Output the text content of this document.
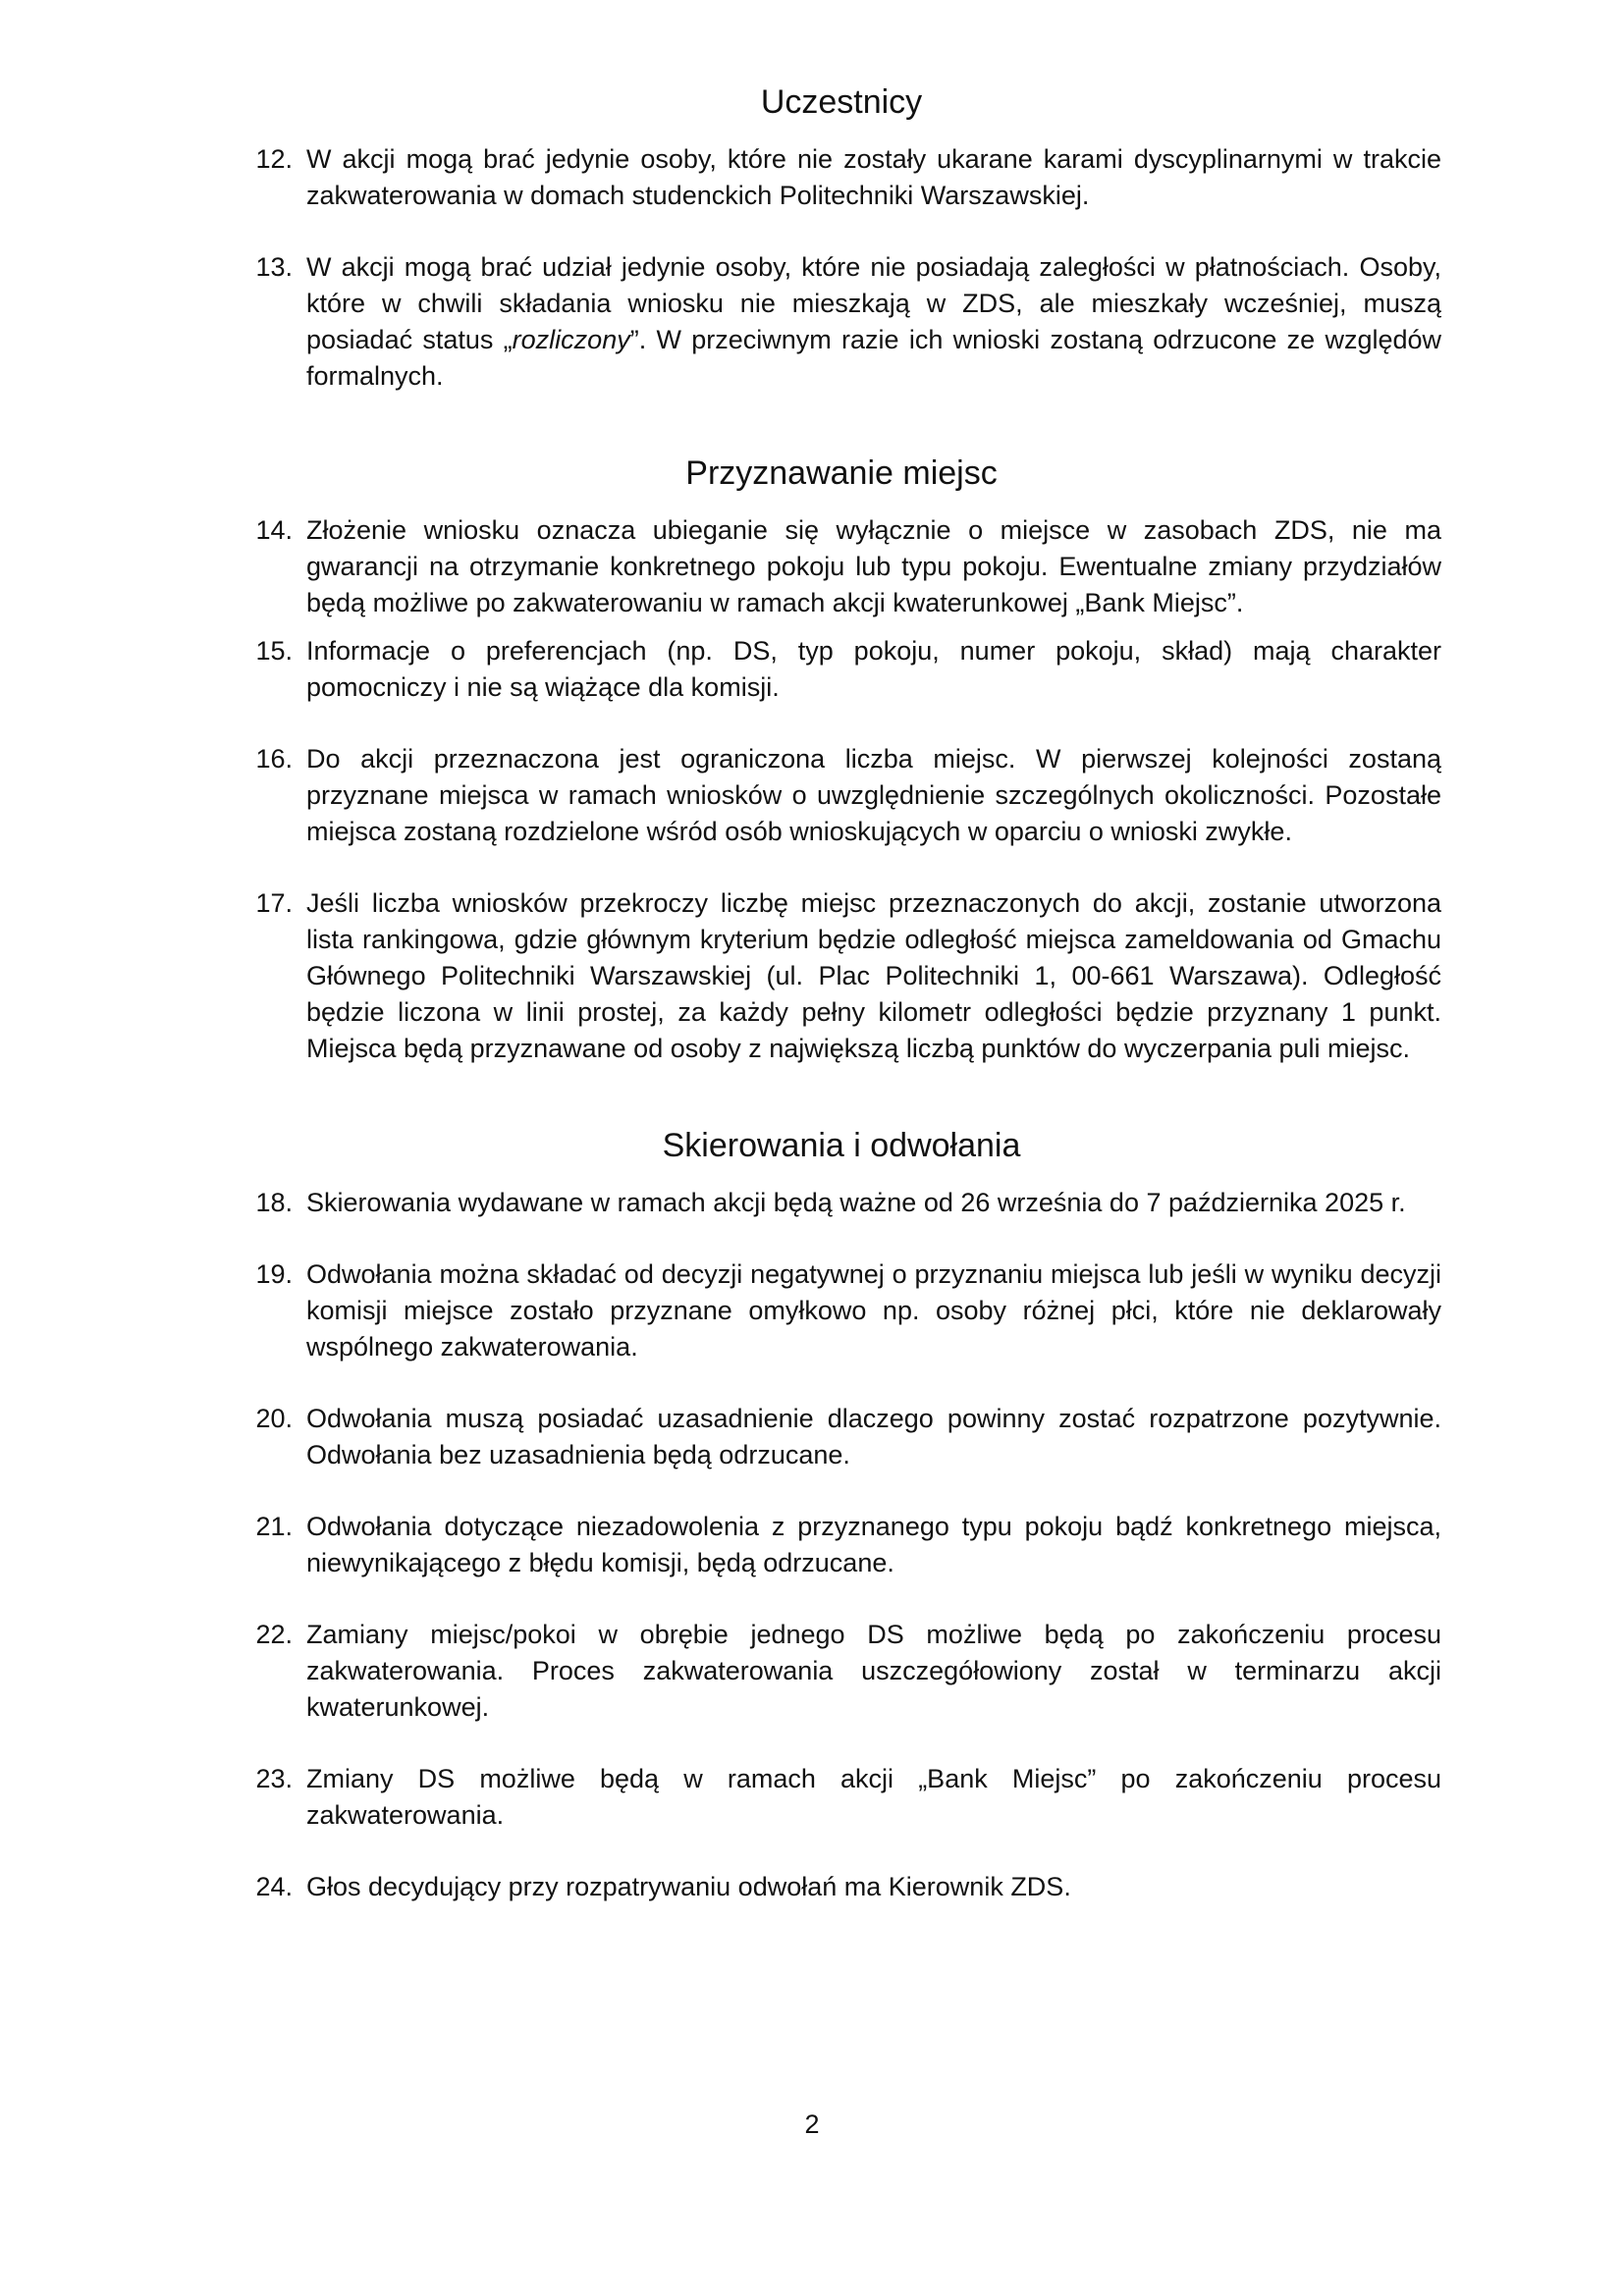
Uczestnicy
12. W akcji mogą brać jedynie osoby, które nie zostały ukarane karami dyscyplinarnymi w trakcie zakwaterowania w domach studenckich Politechniki Warszawskiej.
13. W akcji mogą brać udział jedynie osoby, które nie posiadają zaległości w płatnościach. Osoby, które w chwili składania wniosku nie mieszkają w ZDS, ale mieszkały wcześniej, muszą posiadać status „rozliczony”. W przeciwnym razie ich wnioski zostaną odrzucone ze względów formalnych.
Przyznawanie miejsc
14. Złożenie wniosku oznacza ubieganie się wyłącznie o miejsce w zasobach ZDS, nie ma gwarancji na otrzymanie konkretnego pokoju lub typu pokoju. Ewentualne zmiany przydziałów będą możliwe po zakwaterowaniu w ramach akcji kwaterunkowej „Bank Miejsc”.
15. Informacje o preferencjach (np. DS, typ pokoju, numer pokoju, skład) mają charakter pomocniczy i nie są wiążące dla komisji.
16. Do akcji przeznaczona jest ograniczona liczba miejsc. W pierwszej kolejności zostaną przyznane miejsca w ramach wniosków o uwzględnienie szczególnych okoliczności. Pozostałe miejsca zostaną rozdzielone wśród osób wnioskujących w oparciu o wnioski zwykłe.
17. Jeśli liczba wniosków przekroczy liczbę miejsc przeznaczonych do akcji, zostanie utworzona lista rankingowa, gdzie głównym kryterium będzie odległość miejsca zameldowania od Gmachu Głównego Politechniki Warszawskiej (ul. Plac Politechniki 1, 00-661 Warszawa). Odległość będzie liczona w linii prostej, za każdy pełny kilometr odległości będzie przyznany 1 punkt. Miejsca będą przyznawane od osoby z największą liczbą punktów do wyczerpania puli miejsc.
Skierowania i odwołania
18. Skierowania wydawane w ramach akcji będą ważne od 26 września do 7 października 2025 r.
19. Odwołania można składać od decyzji negatywnej o przyznaniu miejsca lub jeśli w wyniku decyzji komisji miejsce zostało przyznane omyłkowo np. osoby różnej płci, które nie deklarowały wspólnego zakwaterowania.
20. Odwołania muszą posiadać uzasadnienie dlaczego powinny zostać rozpatrzone pozytywnie. Odwołania bez uzasadnienia będą odrzucane.
21. Odwołania dotyczące niezadowolenia z przyznanego typu pokoju bądź konkretnego miejsca, niewynikającego z błędu komisji, będą odrzucane.
22. Zamiany miejsc/pokoi w obrębie jednego DS możliwe będą po zakończeniu procesu zakwaterowania. Proces zakwaterowania uszczegółowiony został w terminarzu akcji kwaterunkowej.
23. Zmiany DS możliwe będą w ramach akcji „Bank Miejsc” po zakończeniu procesu zakwaterowania.
24. Głos decydujący przy rozpatrywaniu odwołań ma Kierownik ZDS.
2
